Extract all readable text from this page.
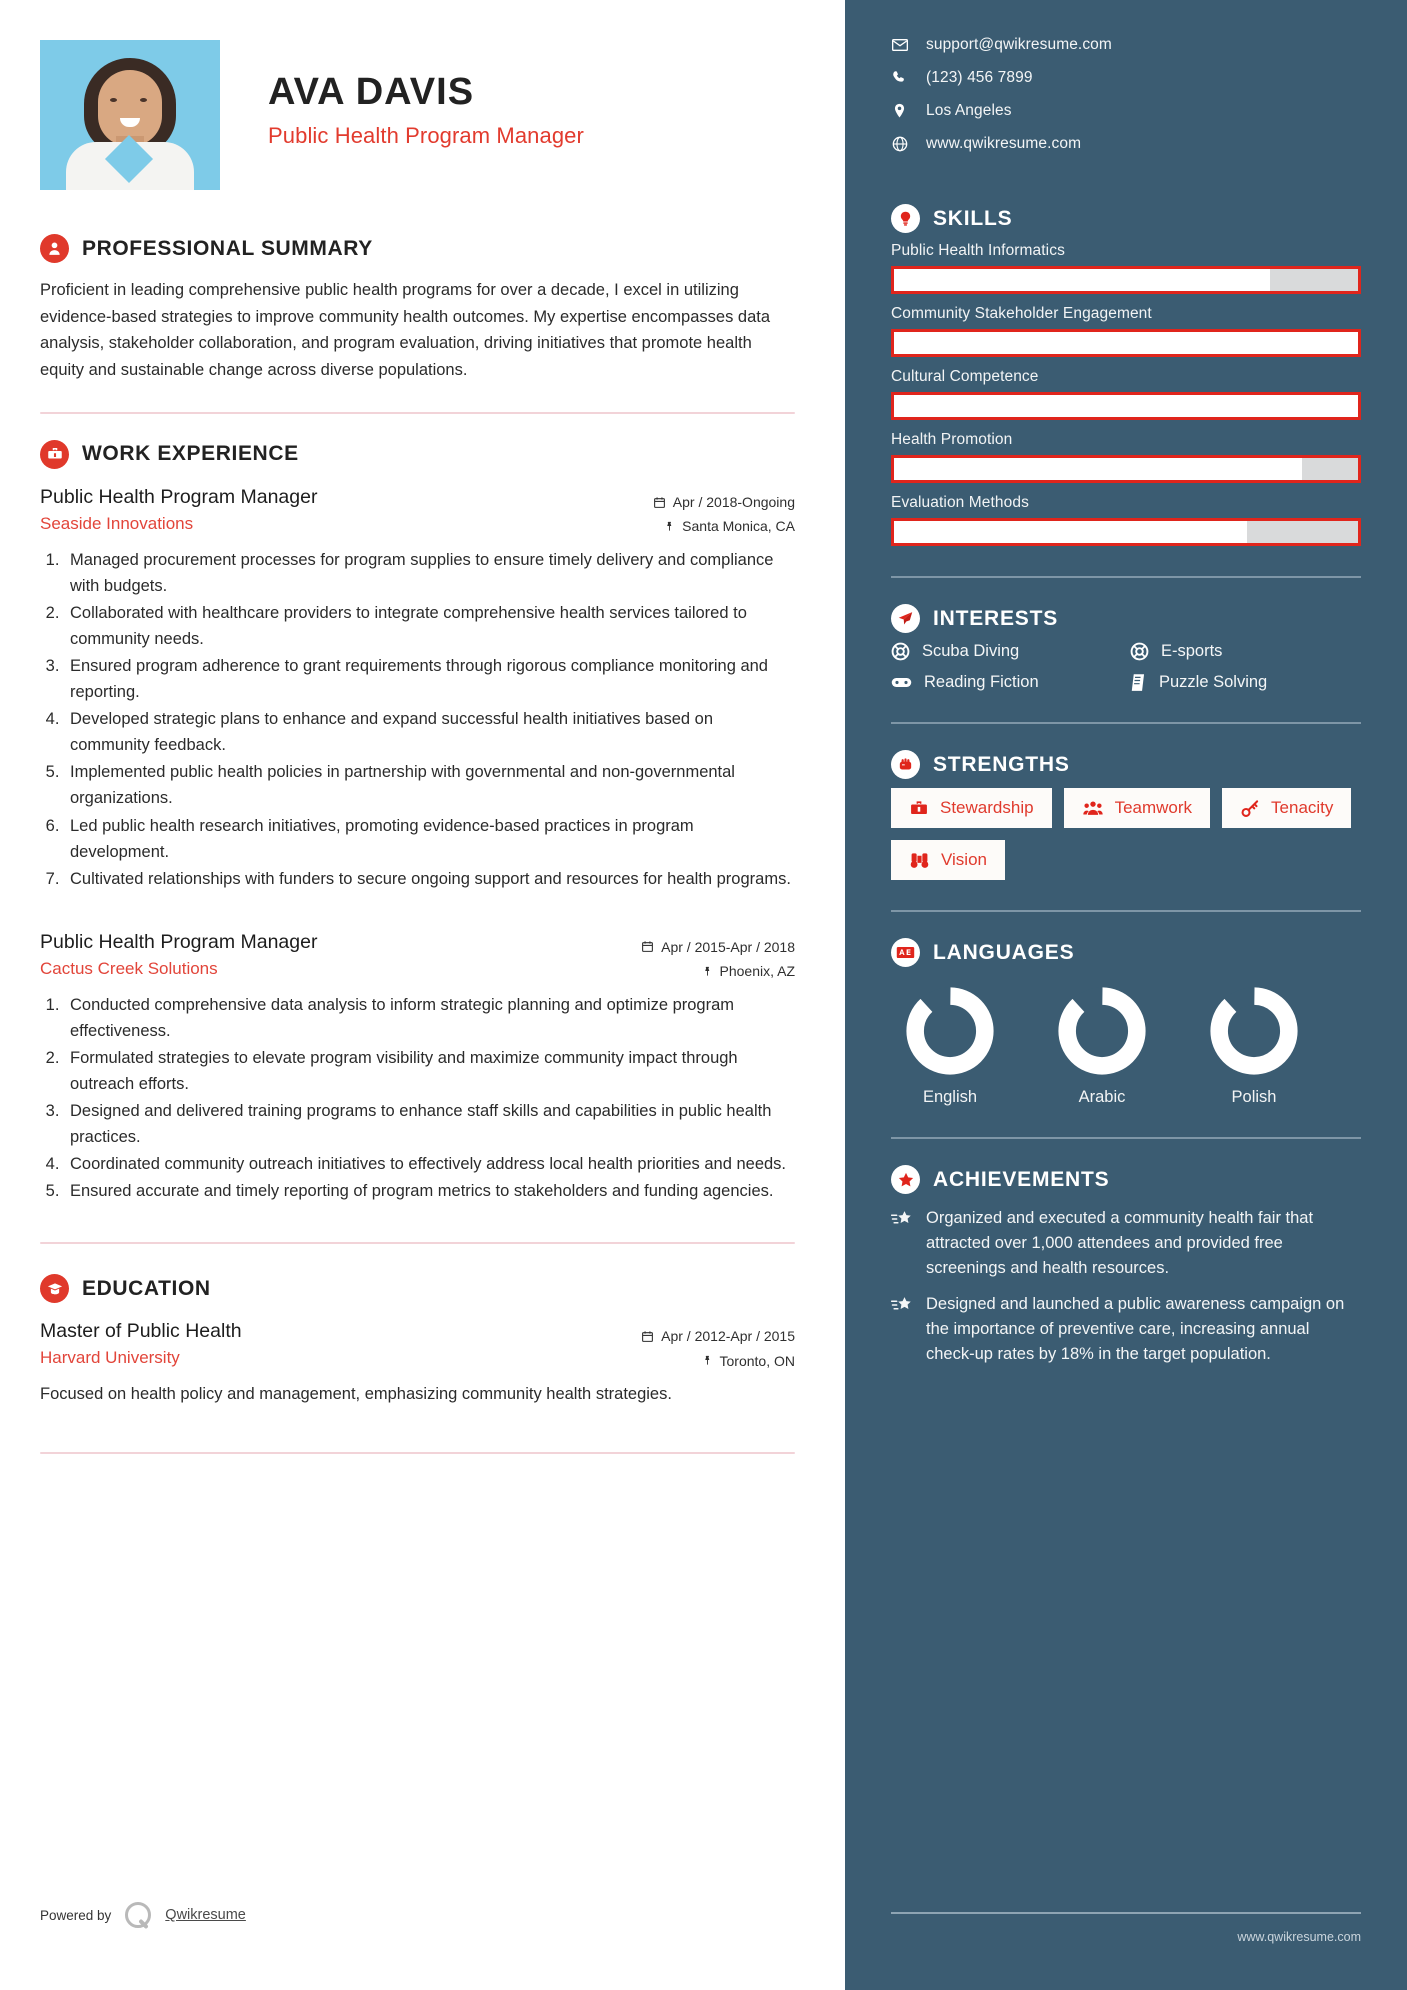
AVA DAVIS
Public Health Program Manager
PROFESSIONAL SUMMARY
Proficient in leading comprehensive public health programs for over a decade, I excel in utilizing evidence-based strategies to improve community health outcomes. My expertise encompasses data analysis, stakeholder collaboration, and program evaluation, driving initiatives that promote health equity and sustainable change across diverse populations.
WORK EXPERIENCE
Public Health Program Manager
Seaside Innovations
Apr / 2018-Ongoing
Santa Monica, CA
1. Managed procurement processes for program supplies to ensure timely delivery and compliance with budgets.
2. Collaborated with healthcare providers to integrate comprehensive health services tailored to community needs.
3. Ensured program adherence to grant requirements through rigorous compliance monitoring and reporting.
4. Developed strategic plans to enhance and expand successful health initiatives based on community feedback.
5. Implemented public health policies in partnership with governmental and non-governmental organizations.
6. Led public health research initiatives, promoting evidence-based practices in program development.
7. Cultivated relationships with funders to secure ongoing support and resources for health programs.
Public Health Program Manager
Cactus Creek Solutions
Apr / 2015-Apr / 2018
Phoenix, AZ
1. Conducted comprehensive data analysis to inform strategic planning and optimize program effectiveness.
2. Formulated strategies to elevate program visibility and maximize community impact through outreach efforts.
3. Designed and delivered training programs to enhance staff skills and capabilities in public health practices.
4. Coordinated community outreach initiatives to effectively address local health priorities and needs.
5. Ensured accurate and timely reporting of program metrics to stakeholders and funding agencies.
EDUCATION
Master of Public Health
Harvard University
Apr / 2012-Apr / 2015
Toronto, ON
Focused on health policy and management, emphasizing community health strategies.
Powered by	Qwikresume
support@qwikresume.com
(123) 456 7899
Los Angeles
www.qwikresume.com
SKILLS
Public Health Informatics
Community Stakeholder Engagement
Cultural Competence
Health Promotion
Evaluation Methods
INTERESTS
Scuba Diving	E-sports
Reading Fiction	Puzzle Solving
STRENGTHS
Stewardship	Teamwork	Tenacity
Vision
LANGUAGES
English	Arabic	Polish
ACHIEVEMENTS
Organized and executed a community health fair that attracted over 1,000 attendees and provided free screenings and health resources.
Designed and launched a public awareness campaign on the importance of preventive care, increasing annual check-up rates by 18% in the target population.
www.qwikresume.com
